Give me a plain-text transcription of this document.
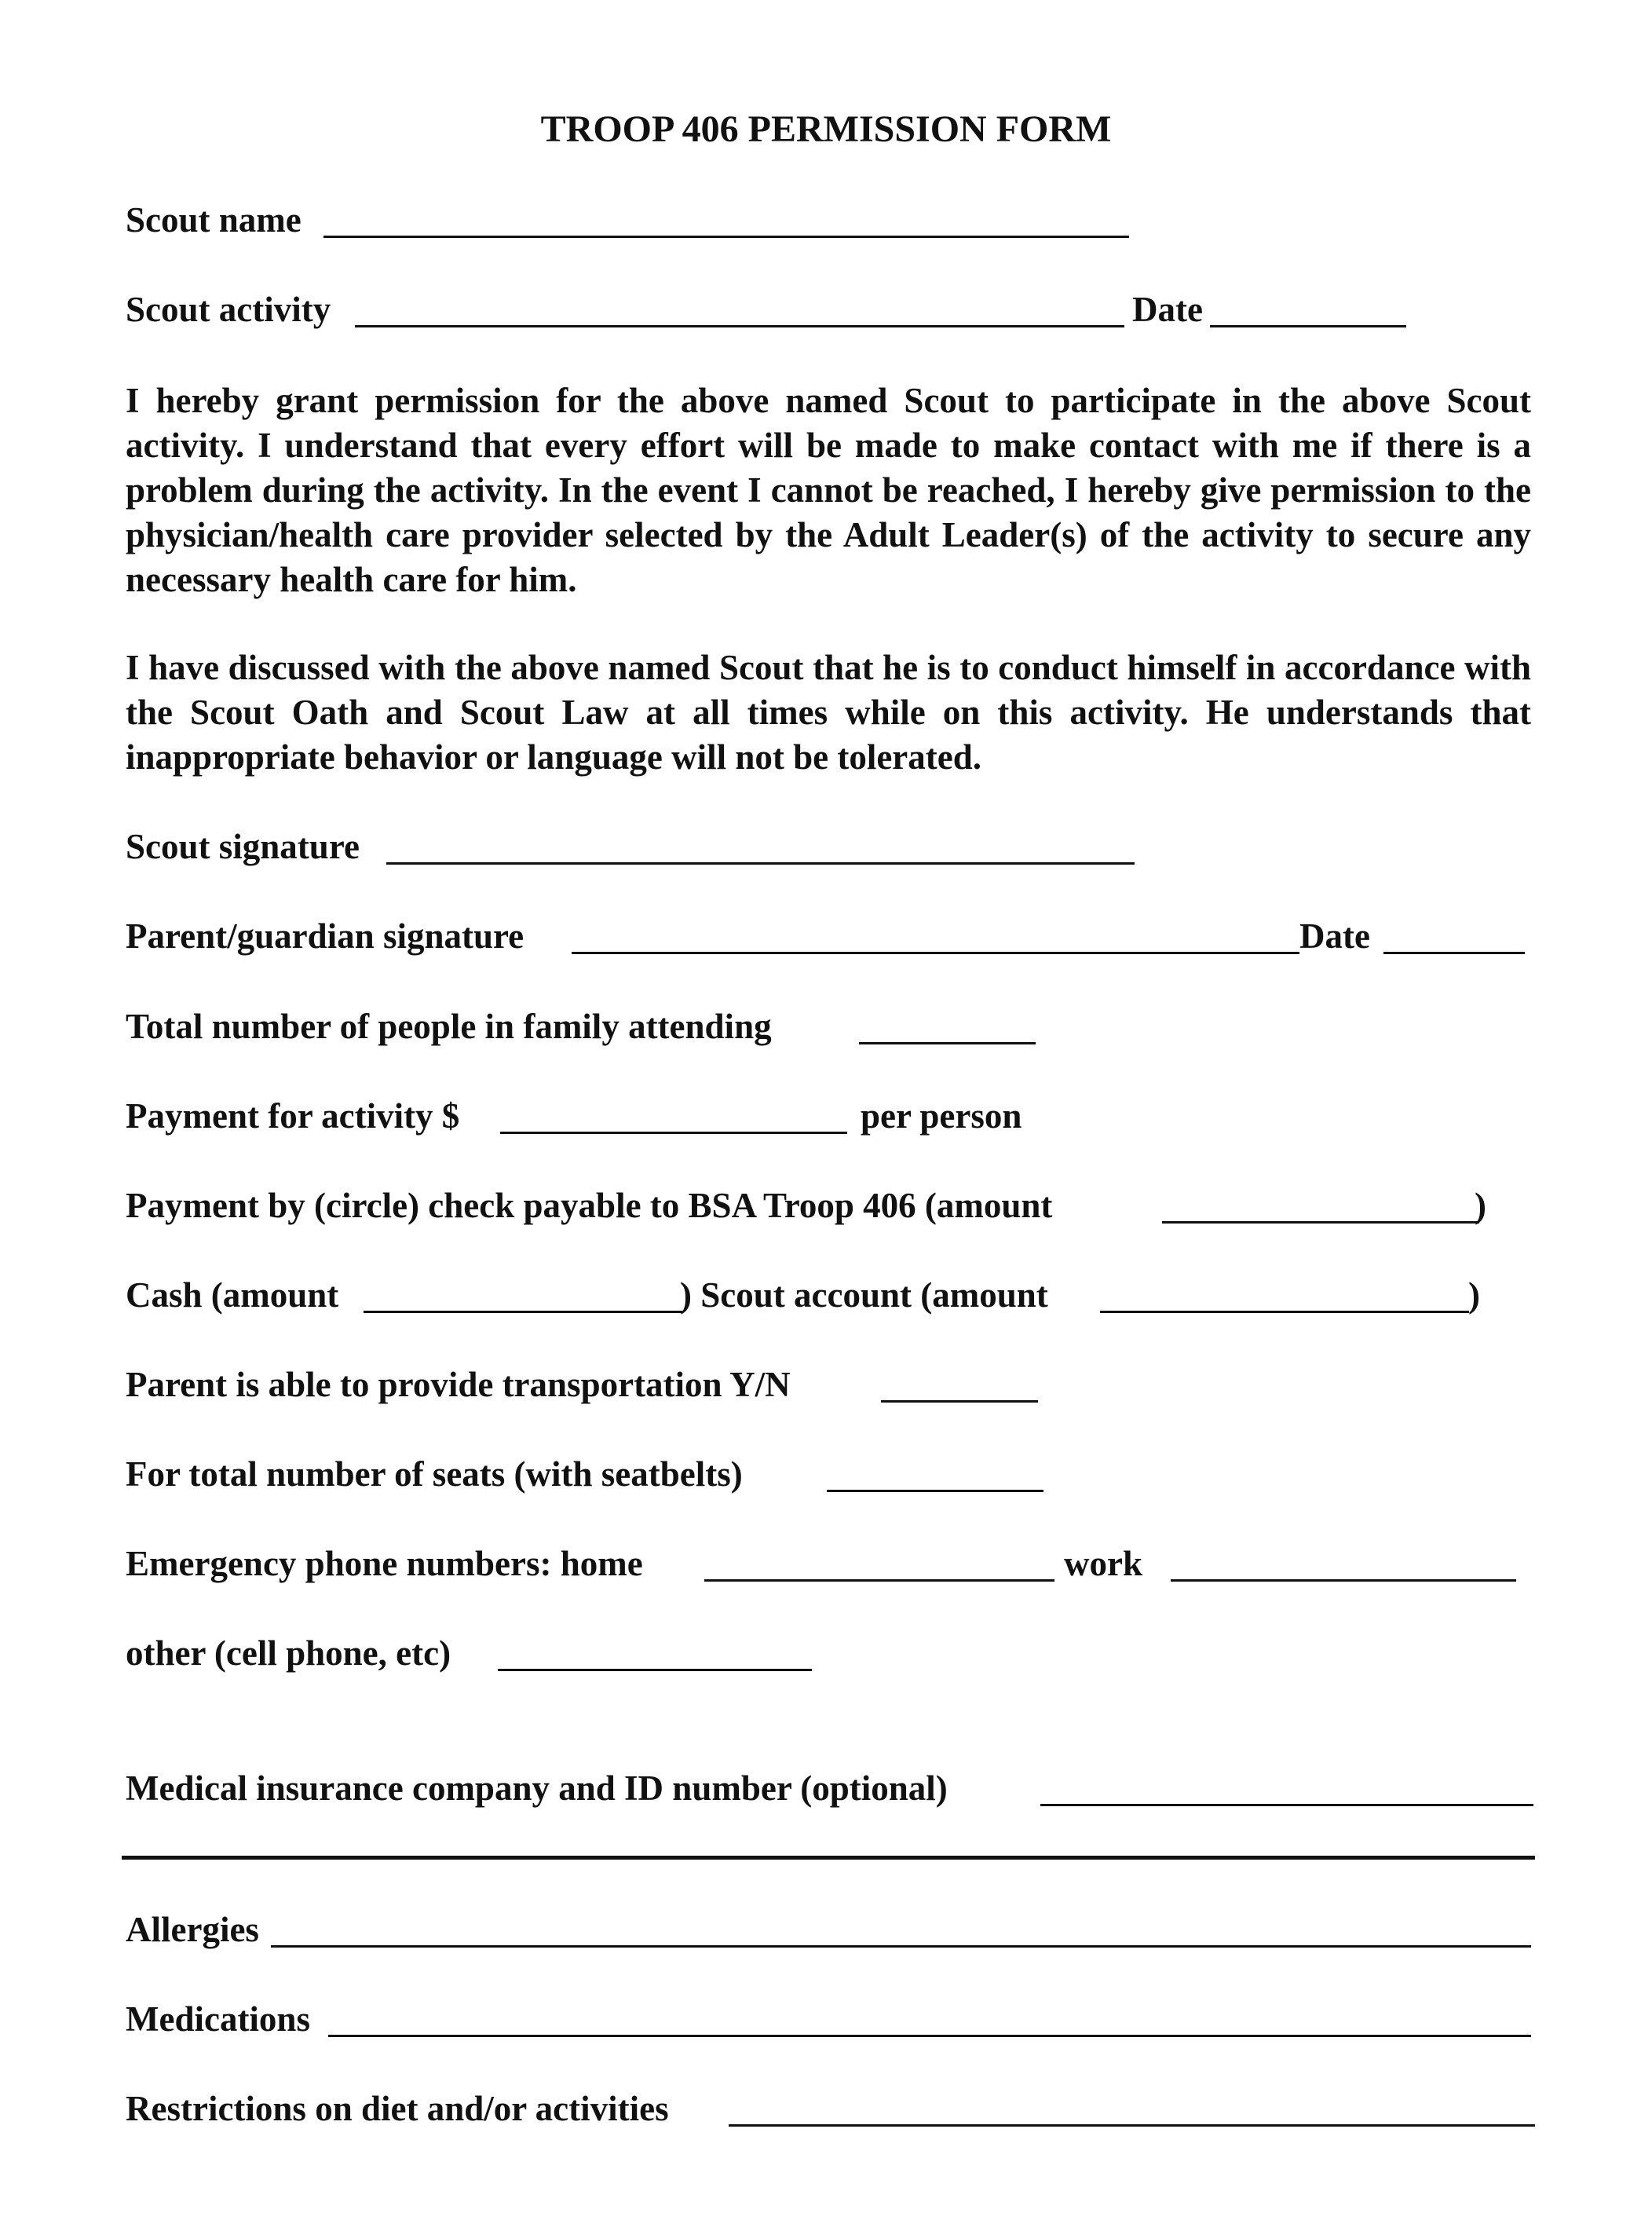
TROOP 406 PERMISSION FORM
Scout name
Scout activity	Date
I hereby grant permission for the above named Scout to participate in the above Scout activity. I understand that every effort will be made to make contact with me if there is a problem during the activity. In the event I cannot be reached, I hereby give permission to the physician/health care provider selected by the Adult Leader(s) of the activity to secure any necessary health care for him.
I have discussed with the above named Scout that he is to conduct himself in accordance with the Scout Oath and Scout Law at all times while on this activity. He understands that inappropriate behavior or language will not be tolerated.
Scout signature
Parent/guardian signature	Date
Total number of people in family attending
Payment for activity $	per person
Payment by (circle) check payable to BSA Troop 406 (amount	)
Cash (amount	) Scout account (amount	)
Parent is able to provide transportation Y/N
For total number of seats (with seatbelts)
Emergency phone numbers: home	work
other (cell phone, etc)
Medical insurance company and ID number (optional)
Allergies
Medications
Restrictions on diet and/or activities
